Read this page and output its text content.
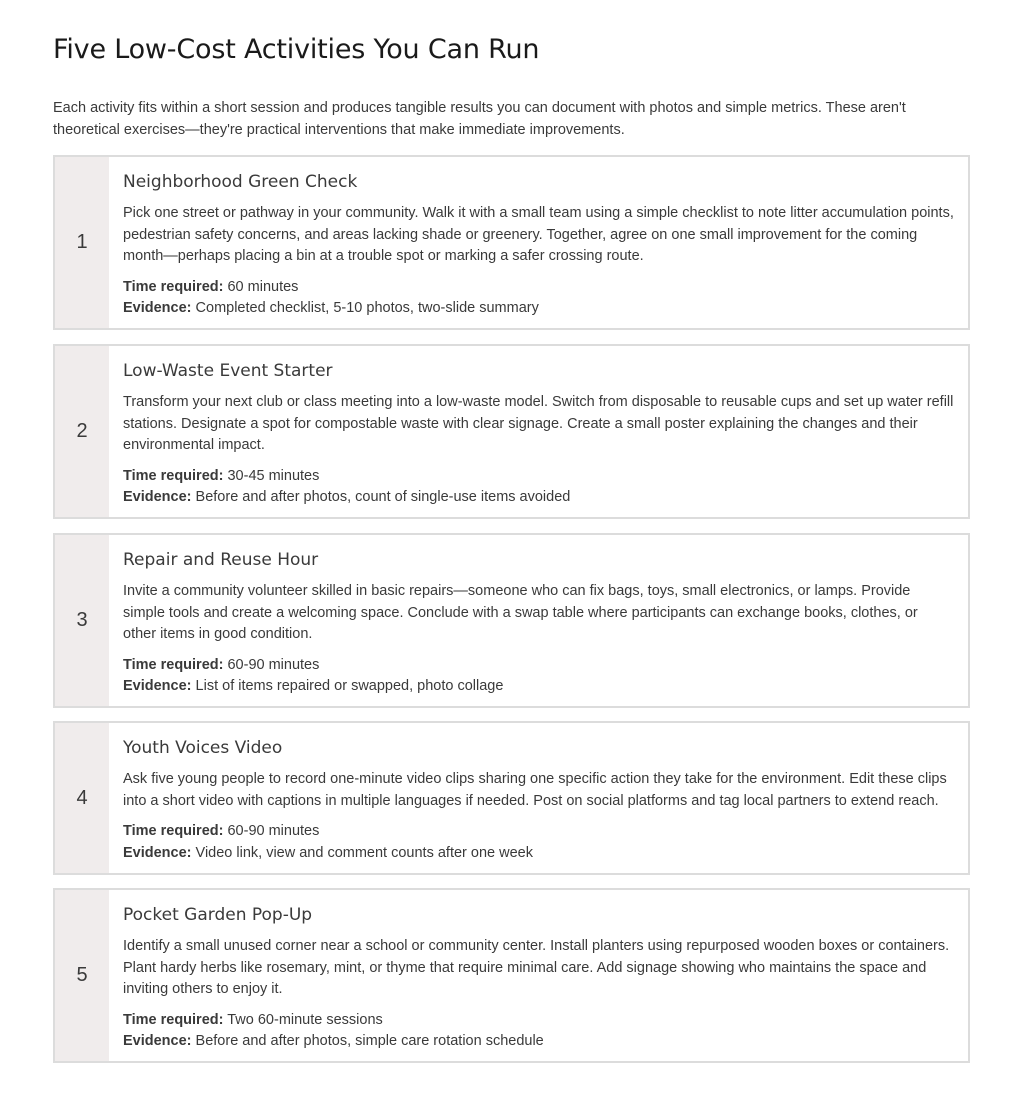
Five Low-Cost Activities You Can Run

Each activity fits within a short session and produces tangible results you can document with photos and simple metrics. These aren't theoretical exercises—they're practical interventions that make immediate improvements.

1
Neighborhood Green Check
Pick one street or pathway in your community. Walk it with a small team using a simple checklist to note litter accumulation points, pedestrian safety concerns, and areas lacking shade or greenery. Together, agree on one small improvement for the coming month—perhaps placing a bin at a trouble spot or marking a safer crossing route.
Time required: 60 minutes
Evidence: Completed checklist, 5-10 photos, two-slide summary
2
Low-Waste Event Starter
Transform your next club or class meeting into a low-waste model. Switch from disposable to reusable cups and set up water refill stations. Designate a spot for compostable waste with clear signage. Create a small poster explaining the changes and their environmental impact.
Time required: 30-45 minutes
Evidence: Before and after photos, count of single-use items avoided
3
Repair and Reuse Hour
Invite a community volunteer skilled in basic repairs—someone who can fix bags, toys, small electronics, or lamps. Provide simple tools and create a welcoming space. Conclude with a swap table where participants can exchange books, clothes, or other items in good condition.
Time required: 60-90 minutes
Evidence: List of items repaired or swapped, photo collage
4
Youth Voices Video
Ask five young people to record one-minute video clips sharing one specific action they take for the environment. Edit these clips into a short video with captions in multiple languages if needed. Post on social platforms and tag local partners to extend reach.
Time required: 60-90 minutes
Evidence: Video link, view and comment counts after one week
5
Pocket Garden Pop-Up
Identify a small unused corner near a school or community center. Install planters using repurposed wooden boxes or containers. Plant hardy herbs like rosemary, mint, or thyme that require minimal care. Add signage showing who maintains the space and inviting others to enjoy it.
Time required: Two 60-minute sessions
Evidence: Before and after photos, simple care rotation schedule
